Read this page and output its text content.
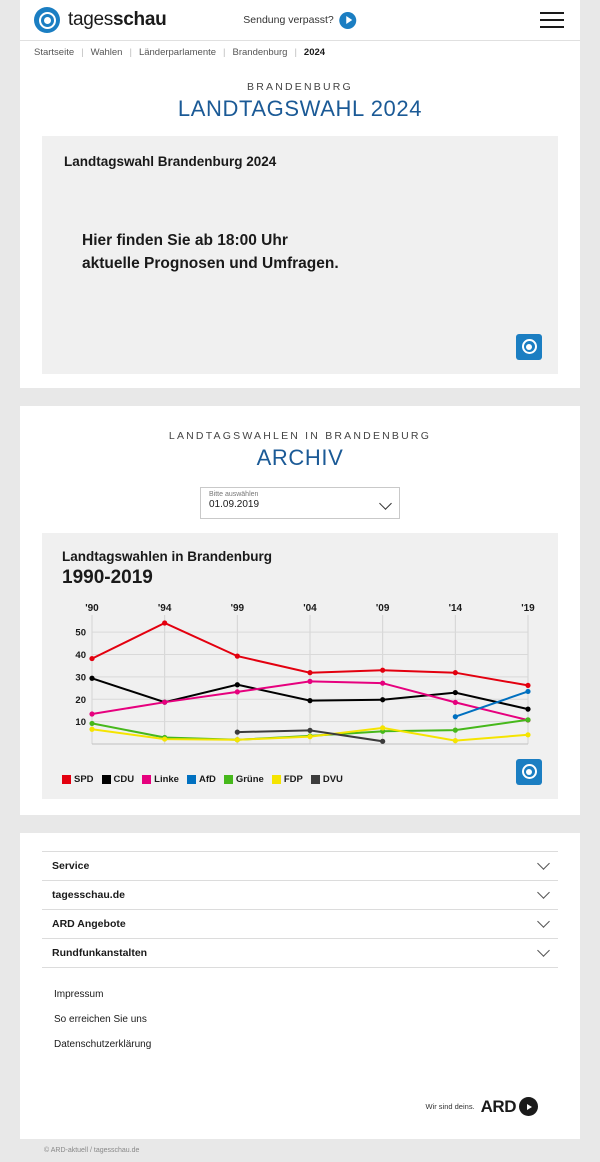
tagesschau	Sendung verpasst?
Startseite | Wahlen | Länderparlamente | Brandenburg | 2024
BRANDENBURG
LANDTAGSWAHL 2024
Landtagswahl Brandenburg 2024
Hier finden Sie ab 18:00 Uhr
aktuelle Prognosen und Umfragen.
LANDTAGSWAHLEN IN BRANDENBURG
ARCHIV
Bitte auswählen
01.09.2019
Landtagswahlen in Brandenburg
1990-2019
'90	'94	'99	'04	'09	'14	'19
10
20
30
40
50
SPD CDU Linke AfD Grüne FDP DVU
Service
tagesschau.de
ARD Angebote
Rundfunkanstalten
Impressum
So erreichen Sie uns
Datenschutzerklärung
Wir sind deins. ARD
© ARD-aktuell / tagesschau.de
